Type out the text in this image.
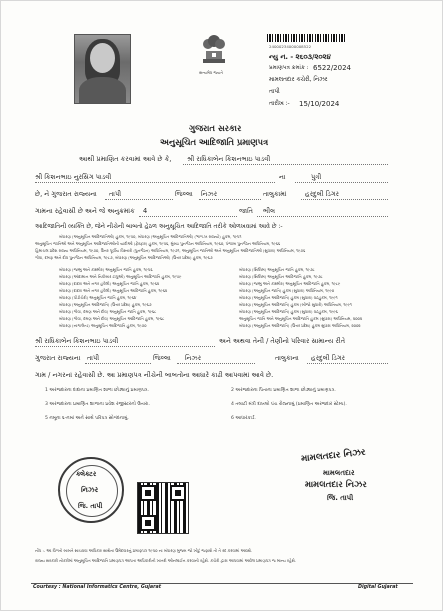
સત્યમેવ જયતે
24000234000008522
ન્યુ ન. - ૨૬૦૩/૨૦૨૪
પ્રમાણપત્ર ક્રમાંક : 6522/2024
મામલતદાર કચેરી, નિઝર
તાપી
તારીખ :- 15/10/2024
ગુજરાત સરકાર
અનુસૂચિત આદિજાતિ પ્રમાણપત્ર
આથી પ્રમાણિત કરવામાં આવે છે કે, શ્રી રાધિકાબેન કિશનભાઇ પાડવી
શ્રી કિશનભાઇ નુરસિંગ પાડવી	ના	પુત્રી
છે, ને ગુજરાત રાજ્યના તાપી	જિલ્લા નિઝર	તાલુકામાં	હરદુલી ડિગર
ગામના રહેવાસી છે અને જે અનુક્રમાંક 4	જાતિ ભીલ
આદિજાતિની વ્યક્તિ છે, જેને નીચેની બાબતો હેઠળ અનુસૂચિત આદિજાતિ તરીકે ઓળખવામાં આવે છે :-
બંધારણ (અનુસૂચિત આદિજાતિઓ) હુકમ, ૧૯૫૦, બંધારણ (અનુસૂચિત આદિજાતિઓ) (ભાગ-ખ રાજ્યો) હુકમ, ૧૯૫૧
અનુસૂચિત જાતિઓ અને અનુસૂચિત આદિજાતિઓની યાદીઓ (ફેરફાર) હુકમ, ૧૯૫૬, મુંબઇ પુનર્ગઠન અધિનિયમ, ૧૯૬૦, પંજાબ પુનર્ગઠન અધિનિયમ, ૧૯૬૬
હિમાચલ પ્રદેશ રાજ્ય અધિનિયમ, ૧૯૭૦, ઉત્તર પૂર્વીય વિસ્તારો (પુનર્ગઠન) અધિનિયમ, ૧૯૭૧, અનુસૂચિત જાતિઓ અને અનુસૂચિત આદિજાતિઓ (સુધારા) અધિનિયમ, ૧૯૭૬
ગોવા, દમણ અને દીવ પુનર્ગઠન અધિનિયમ, ૧૯૮૭, બંધારણ (અનુસૂચિત આદિજાતિઓ) (ઉત્તર પ્રદેશ) હુકમ, ૧૯૬૭
બંધારણ (જમ્મુ અને કાશ્મીર) અનુસૂચિત જાતિ હુકમ, ૧૯૫૬
બંધારણ (આંદામાન અને નિકોબાર ટાપુઓ) અનુસૂચિત આદિજાતિ હુકમ, ૧૯૫૯
બંધારણ (દાદરા અને નગર હવેલી) અનુસૂચિત જાતિ હુકમ, ૧૯૬૨
બંધારણ (દાદરા અને નગર હવેલી) અનુસૂચિત આદિજાતિ હુકમ, ૧૯૬૨
બંધારણ (પોંડીચેરી) અનુસૂચિત જાતિ હુકમ, ૧૯૬૪
બંધારણ (અનુસૂચિત આદિજાતિ) (ઉત્તર પ્રદેશ) હુકમ, ૧૯૬૭
બંધારણ (ગોવા, દમણ અને દીવ) અનુસૂચિત જાતિ હુકમ, ૧૯૬૮
બંધારણ (ગોવા, દમણ અને દીવ) અનુસૂચિત આદિજાતિ હુકમ, ૧૯૬૮
બંધારણ (નાગાલેન્ડ) અનુસૂચિત આદિજાતિ હુકમ, ૧૯૭૦
બંધારણ (સિક્કિમ) અનુસૂચિત જાતિ હુકમ, ૧૯૭૮
બંધારણ (સિક્કિમ) અનુસૂચિત આદિજાતિ હુકમ, ૧૯૭૮
બંધારણ (જમ્મુ અને કાશ્મીર) અનુસૂચિત આદિજાતિ હુકમ, ૧૯૮૯
બંધારણ (અનુસૂચિત જાતિ) હુકમ (સુધારા) અધિનિયમ, ૧૯૯૦
બંધારણ (અનુસૂચિત આદિજાતિ) હુકમ (સુધારા) વટહુકમ, ૧૯૯૧
બંધારણ (અનુસૂચિત આદિજાતિ) હુકમ (બીજો સુધારો) અધિનિયમ, ૧૯૯૧
બંધારણ (અનુસૂચિત આદિજાતિ) હુકમ (સુધારા) વટહુકમ, ૧૯૯૬
અનુસૂચિત જાતિ અને અનુસૂચિત આદિજાતિ હુકમ (સુધારા) અધિનિયમ, ૨૦૦૨
બંધારણ (અનુસૂચિત આદિજાતિ) (ઉત્તર પ્રદેશ) હુકમ સુધારા અધિનિયમ, ૨૦૦૨
શ્રી રાધિકાબેન કિશનભાઇ પાડવી	અને અથવા તેની / તેણીનો પરિવાર સામાન્ય રીતે
ગુજરાત રાજ્યના તાપી	જિલ્લા નિઝર	તાલુકાના હરદુલી ડિગર
ગામ / નગરનાં રહેવાસી છે. આ પ્રમાણપત્ર નીચેની બાબતોના આધારે કાઢી આપવામાં આવે છે.
1 અરજદારના દાદાના પ્રમાણિત શાળા છોડ્યાનું પ્રમાણપત્ર.	2 અરજદારના પિતાના પ્રમાણિત શાળા છોડ્યાનું પ્રમાણપત્ર.
3 અરજદારના પ્રમાણિત શાળાના પ્રવેશ રજીસ્ટરનો ઉતારા.	4 તલાટી મંત્રી દાખલો પંચ રોજ્નામું (પ્રમાણિત અરજદાર સ્ટેમ્પ).
5 નમૂના ૬-નમાં અને સાથે પરિપત્ર સોગંદનામું.	6 આધારકાર્ડ.
ક્લેક્ટર
નિઝર
જિ. તાપી
મામલતદાર નિઝર
મામલતદાર
મામલતદાર નિઝર
જિ. તાપી
નોંધ :- આ વિગતો બાબતે સાચવવા અધિકાર સાથેના ઉમેદવારનું પ્રમાણપત્ર ૧૯૫૦ ના બંધારણ મુજબ જો ખોટું જણાશે તો તે રદ કરવામાં આવશે.
રાજ્ય સરકારી નોકરીમાં અનુસૂચિત આદિજાતિ પ્રમાણપત્ર આપતા અધિકારીની ખાતરી ઓનલાઈન કરવાની રહેશે. કચેરી દ્વારા આપવામાં આવેલ પ્રમાણપત્ર જ માન્ય રહેશે.
Courtesy : National Informatics Centre, Gujarat	Digital Gujarat
